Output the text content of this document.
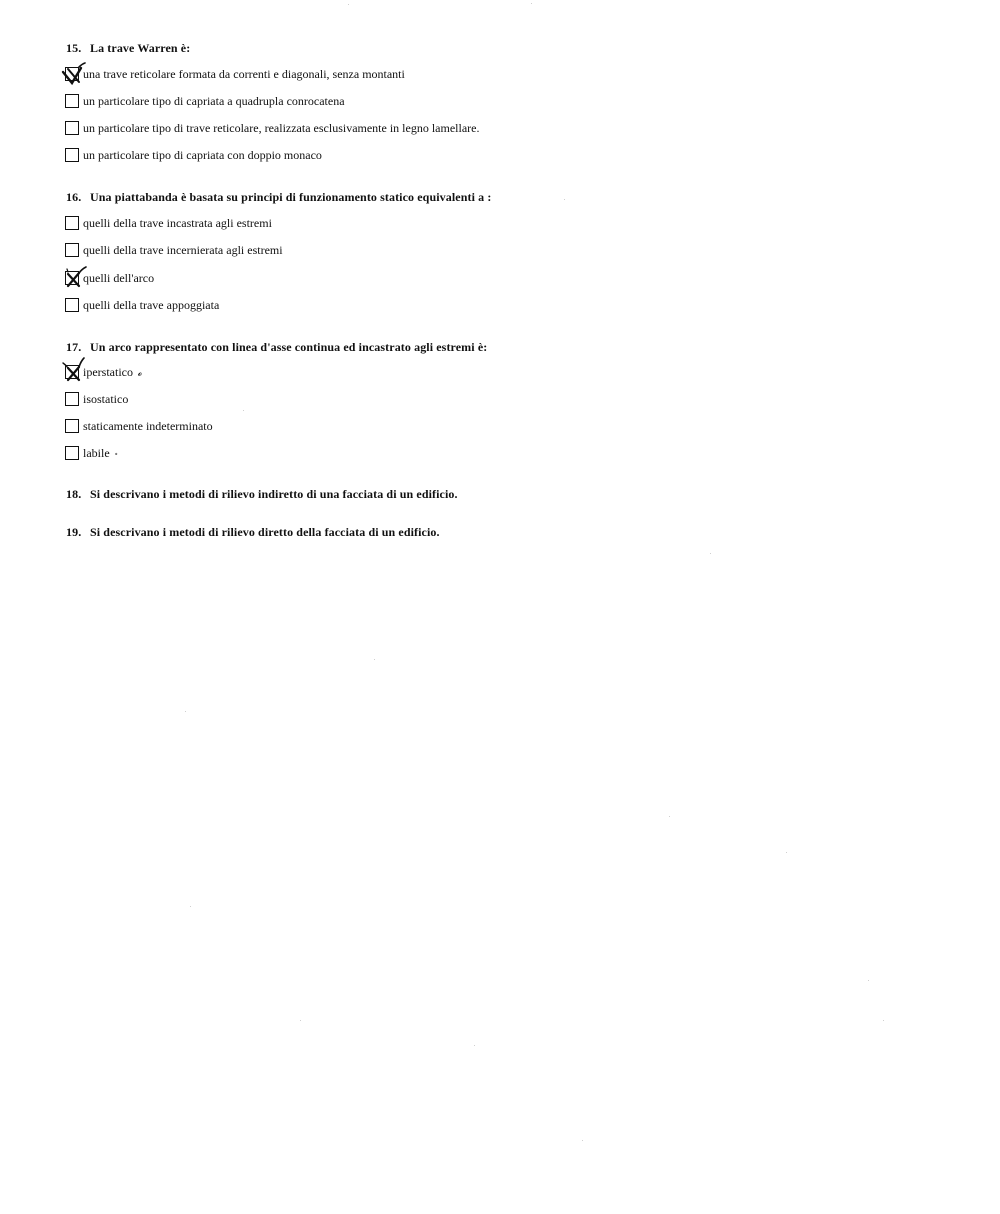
15. La trave Warren è:
una trave reticolare formata da correnti e diagonali, senza montanti
un particolare tipo di capriata a quadrupla conrocatena
un particolare tipo di trave reticolare, realizzata esclusivamente in legno lamellare.
un particolare tipo di capriata con doppio monaco
16. Una piattabanda è basata su principi di funzionamento statico equivalenti a :
quelli della trave incastrata agli estremi
quelli della trave incernierata agli estremi
quelli dell'arco
quelli della trave appoggiata
17. Un arco rappresentato con linea d'asse continua ed incastrato agli estremi è:
iperstatico 𝓸
isostatico
staticamente indeterminato
labile ∘
18. Si descrivano i metodi di rilievo indiretto di una facciata di un edificio.
19. Si descrivano i metodi di rilievo diretto della facciata di un edificio.
